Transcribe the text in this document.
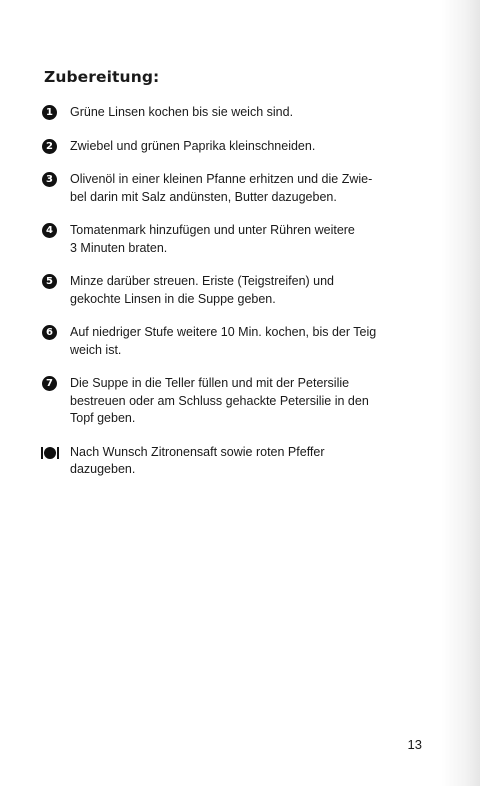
Zubereitung:
1	Grüne Linsen kochen bis sie weich sind.
2	Zwiebel und grünen Paprika kleinschneiden.
3	Olivenöl in einer kleinen Pfanne erhitzen und die Zwie-
bel darin mit Salz andünsten, Butter dazugeben.
4	Tomatenmark hinzufügen und unter Rühren weitere
3 Minuten braten.
5	Minze darüber streuen. Eriste (Teigstreifen) und
gekochte Linsen in die Suppe geben.
6	Auf niedriger Stufe weitere 10 Min. kochen, bis der Teig
weich ist.
7	Die Suppe in die Teller füllen und mit der Petersilie
bestreuen oder am Schluss gehackte Petersilie in den
Topf geben.
Nach Wunsch Zitronensaft sowie roten Pfeffer
dazugeben.
13
